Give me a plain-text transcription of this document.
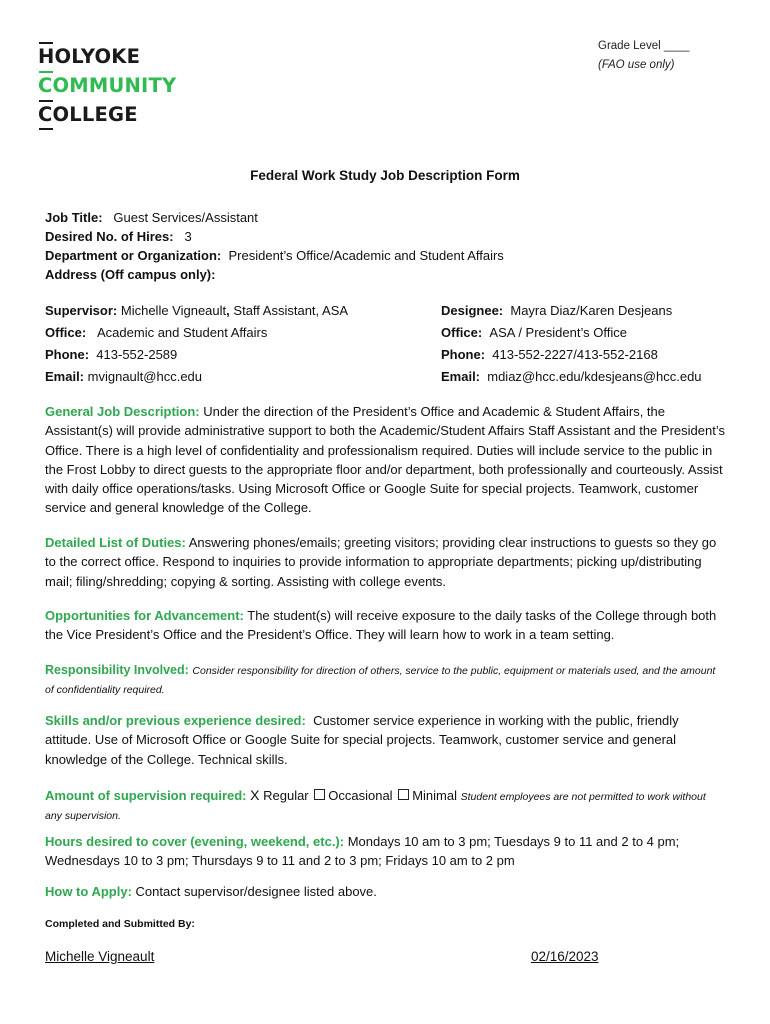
HOLYOKE
COMMUNITY
COLLEGE
Grade Level ____
(FAO use only)
Federal Work Study Job Description Form
Job Title: Guest Services/Assistant
Desired No. of Hires: 3
Department or Organization: President’s Office/Academic and Student Affairs
Address (Off campus only):
Supervisor: Michelle Vigneault, Staff Assistant, ASA
Office: Academic and Student Affairs
Phone: 413-552-2589
Email: mvignault@hcc.edu
Designee: Mayra Diaz/Karen Desjeans
Office: ASA / President’s Office
Phone: 413-552-2227/413-552-2168
Email: mdiaz@hcc.edu/kdesjeans@hcc.edu
General Job Description: Under the direction of the President’s Office and Academic & Student Affairs, the Assistant(s) will provide administrative support to both the Academic/Student Affairs Staff Assistant and the President’s Office. There is a high level of confidentiality and professionalism required. Duties will include service to the public in the Frost Lobby to direct guests to the appropriate floor and/or department, both professionally and courteously. Assist with daily office operations/tasks. Using Microsoft Office or Google Suite for special projects. Teamwork, customer service and general knowledge of the College.
Detailed List of Duties: Answering phones/emails; greeting visitors; providing clear instructions to guests so they go to the correct office. Respond to inquiries to provide information to appropriate departments; picking up/distributing mail; filing/shredding; copying & sorting. Assisting with college events.
Opportunities for Advancement: The student(s) will receive exposure to the daily tasks of the College through both the Vice President’s Office and the President’s Office. They will learn how to work in a team setting.
Responsibility Involved: Consider responsibility for direction of others, service to the public, equipment or materials used, and the amount of confidentiality required.
Skills and/or previous experience desired: Customer service experience in working with the public, friendly attitude. Use of Microsoft Office or Google Suite for special projects. Teamwork, customer service and general knowledge of the College. Technical skills.
Amount of supervision required: X Regular Occasional Minimal Student employees are not permitted to work without any supervision.
Hours desired to cover (evening, weekend, etc.): Mondays 10 am to 3 pm; Tuesdays 9 to 11 and 2 to 4 pm; Wednesdays 10 to 3 pm; Thursdays 9 to 11 and 2 to 3 pm; Fridays 10 am to 2 pm
How to Apply: Contact supervisor/designee listed above.
Completed and Submitted By:
Michelle Vigneault	02/16/2023
